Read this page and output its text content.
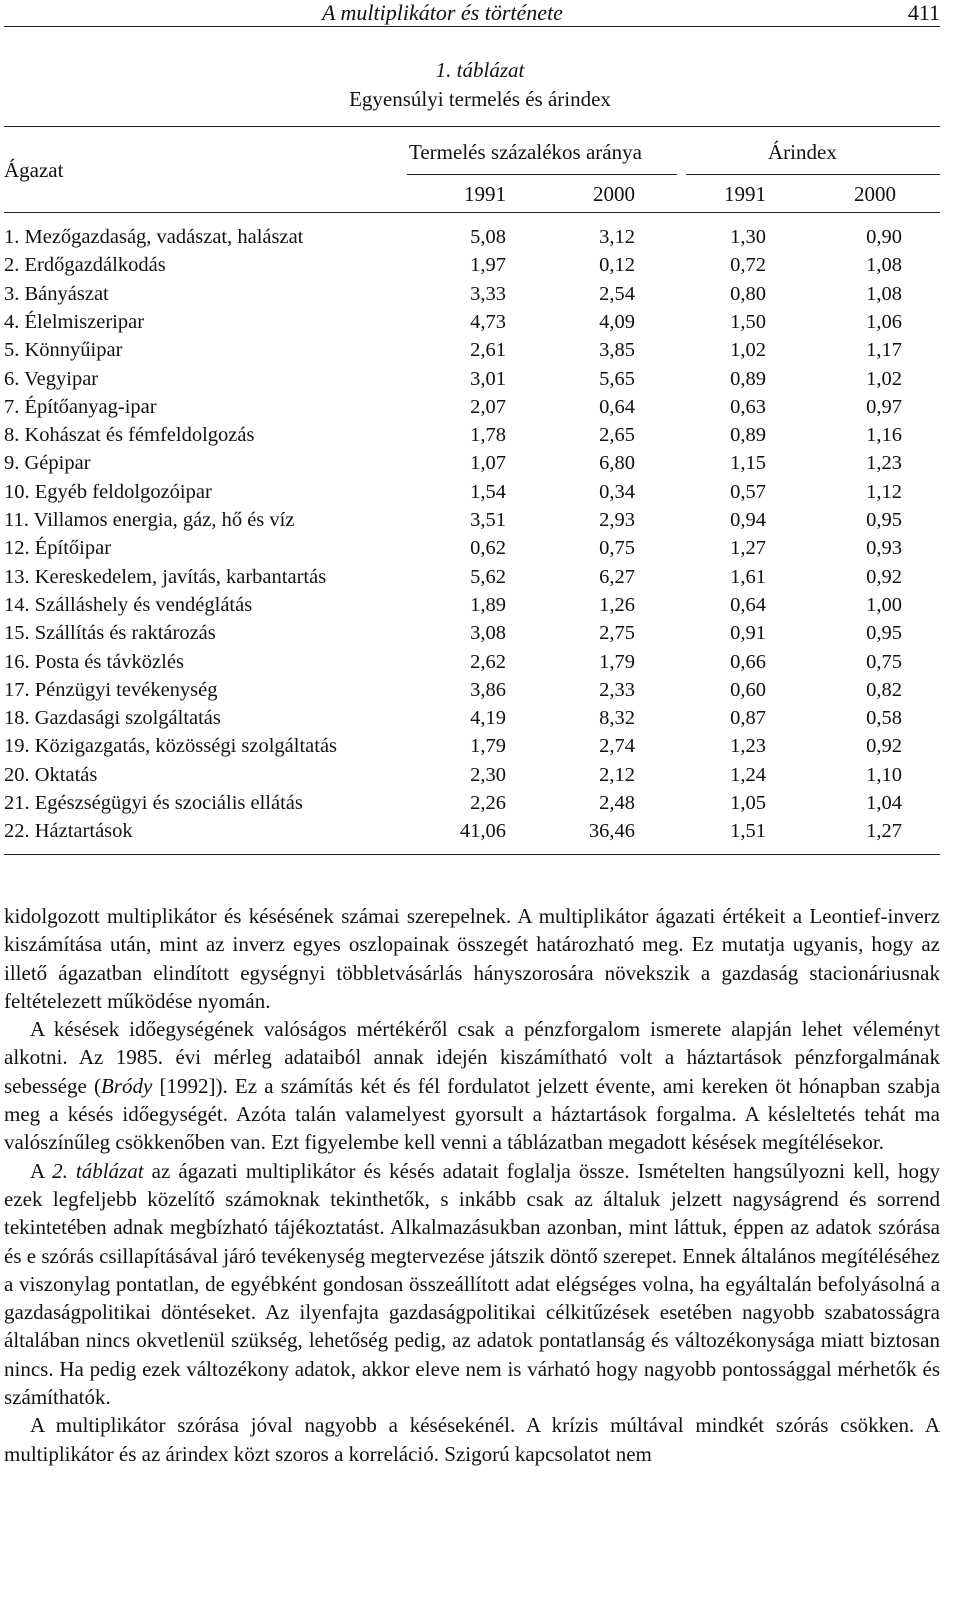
A multiplikátor és története	411
1. táblázat
Egyensúlyi termelés és árindex
Ágazat
Termelés százalékos aránya	Árindex
1991	2000	1991	2000
1. Mezőgazdaság, vadászat, halászat	5,08	3,12	1,30	0,90
2. Erdőgazdálkodás	1,97	0,12	0,72	1,08
3. Bányászat	3,33	2,54	0,80	1,08
4. Élelmiszeripar	4,73	4,09	1,50	1,06
5. Könnyűipar	2,61	3,85	1,02	1,17
6. Vegyipar	3,01	5,65	0,89	1,02
7. Építőanyag-ipar	2,07	0,64	0,63	0,97
8. Kohászat és fémfeldolgozás	1,78	2,65	0,89	1,16
9. Gépipar	1,07	6,80	1,15	1,23
10. Egyéb feldolgozóipar	1,54	0,34	0,57	1,12
11. Villamos energia, gáz, hő és víz	3,51	2,93	0,94	0,95
12. Építőipar	0,62	0,75	1,27	0,93
13. Kereskedelem, javítás, karbantartás	5,62	6,27	1,61	0,92
14. Szálláshely és vendéglátás	1,89	1,26	0,64	1,00
15. Szállítás és raktározás	3,08	2,75	0,91	0,95
16. Posta és távközlés	2,62	1,79	0,66	0,75
17. Pénzügyi tevékenység	3,86	2,33	0,60	0,82
18. Gazdasági szolgáltatás	4,19	8,32	0,87	0,58
19. Közigazgatás, közösségi szolgáltatás	1,79	2,74	1,23	0,92
20. Oktatás	2,30	2,12	1,24	1,10
21. Egészségügyi és szociális ellátás	2,26	2,48	1,05	1,04
22. Háztartások	41,06	36,46	1,51	1,27

kidolgozott multiplikátor és késésének számai szerepelnek. A multiplikátor ágazati értékeit a Leontief-inverz kiszámítása után, mint az inverz egyes oszlopainak összegét határozható meg. Ez mutatja ugyanis, hogy az illető ágazatban elindított egységnyi többletvásárlás hányszorosára növekszik a gazdaság stacionáriusnak feltételezett működése nyomán.

A késések időegységének valóságos mértékéről csak a pénzforgalom ismerete alapján lehet véleményt alkotni. Az 1985. évi mérleg adataiból annak idején kiszámítható volt a háztartások pénzforgalmának sebessége (Bródy [1992]). Ez a számítás két és fél fordulatot jelzett évente, ami kereken öt hónapban szabja meg a késés időegységét. Azóta talán valamelyest gyorsult a háztartások forgalma. A késleltetés tehát ma valószínűleg csökkenőben van. Ezt figyelembe kell venni a táblázatban megadott késések megítélésekor.

A 2. táblázat az ágazati multiplikátor és késés adatait foglalja össze. Ismételten hangsúlyozni kell, hogy ezek legfeljebb közelítő számoknak tekinthetők, s inkább csak az általuk jelzett nagyságrend és sorrend tekintetében adnak megbízható tájékoztatást. Alkalmazásukban azonban, mint láttuk, éppen az adatok szórása és e szórás csillapításával járó tevékenység megtervezése játszik döntő szerepet. Ennek általános megítéléséhez a viszonylag pontatlan, de egyébként gondosan összeállított adat elégséges volna, ha egyáltalán befolyásolná a gazdaságpolitikai döntéseket. Az ilyenfajta gazdaságpolitikai célkitűzések esetében nagyobb szabatosságra általában nincs okvetlenül szükség, lehetőség pedig, az adatok pontatlanság és változékonysága miatt biztosan nincs. Ha pedig ezek változékony adatok, akkor eleve nem is várható hogy nagyobb pontossággal mérhetők és számíthatók.

A multiplikátor szórása jóval nagyobb a késésekénél. A krízis múltával mindkét szórás csökken. A multiplikátor és az árindex közt szoros a korreláció. Szigorú kapcsolatot nem
